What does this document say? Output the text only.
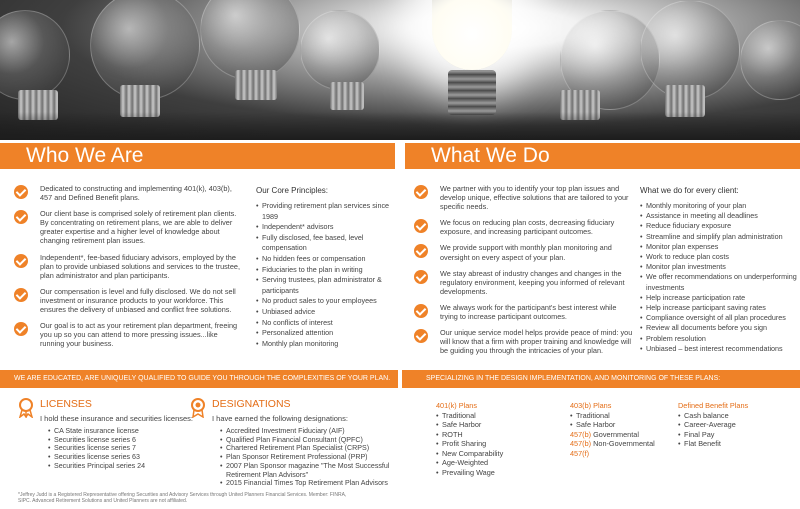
Who We Are	What We Do
Dedicated to constructing and implementing 401(k), 403(b), 457 and Defined Benefit plans.
Our client base is comprised solely of retirement plan clients. By concentrating on retirement plans, we are able to deliver greater expertise and a higher level of knowledge about changing retirement plan issues.
Independent*, fee-based fiduciary advisors, employed by the plan to provide unbiased solutions and services to the trustee, plan administrator and plan participants.
Our compensation is level and fully disclosed. We do not sell investment or insurance products to your workforce. This ensures the delivery of unbiased and conflict free solutions.
Our goal is to act as your retirement plan department, freeing you up so you can attend to more pressing issues...like running your business.
Our Core Principles:
• Providing retirement plan services since 1989
• Independent* advisors
• Fully disclosed, fee based, level compensation
• No hidden fees or compensation
• Fiduciaries to the plan in writing
• Serving trustees, plan administrator & participants
• No product sales to your employees
• Unbiased advice
• No conflicts of interest
• Personalized attention
• Monthly plan monitoring
We partner with you to identify your top plan issues and develop unique, effective solutions that are tailored to your specific needs.
We focus on reducing plan costs, decreasing fiduciary exposure, and increasing participant outcomes.
We provide support with monthly plan monitoring and oversight on every aspect of your plan.
We stay abreast of industry changes and changes in the regulatory environment, keeping you informed of relevant developments.
We always work for the participant's best interest while trying to increase participant outcomes.
Our unique service model helps provide peace of mind: you will know that a firm with proper training and knowledge will be guiding you through the intricacies of your plan.
What we do for every client:
• Monthly monitoring of your plan
• Assistance in meeting all deadlines
• Reduce fiduciary exposure
• Streamline and simplify plan administration
• Monitor plan expenses
• Work to reduce plan costs
• Monitor plan investments
• We offer recommendations on underperforming investments
• Help increase participation rate
• Help increase participant saving rates
• Compliance oversight of all plan procedures
• Review all documents before you sign
• Problem resolution
• Unbiased – best interest recommendations
WE ARE EDUCATED, ARE UNIQUELY QUALIFIED TO GUIDE YOU THROUGH THE COMPLEXITIES OF YOUR PLAN.	SPECIALIZING IN THE DESIGN IMPLEMENTATION, AND MONITORING OF THESE PLANS:
LICENSES
I hold these insurance and securities licenses:
• CA State insurance license
• Securities license series 6
• Securities license series 7
• Securities license series 63
• Securities Principal series 24
DESIGNATIONS
I have earned the following designations:
• Accredited Investment Fiduciary (AIF)
• Qualified Plan Financial Consultant (QPFC)
• Chartered Retirement Plan Specialist (CRPS)
• Plan Sponsor Retirement Professional (PRP)
• 2007 Plan Sponsor magazine "The Most Successful Retirement Plan Advisors"
• 2015 Financial Times Top Retirement Plan Advisors
401(k) Plans
• Traditional
• Safe Harbor
• ROTH
• Profit Sharing
• New Comparability
• Age-Weighted
• Prevailing Wage
403(b) Plans
• Traditional
• Safe Harbor
457(b) Governmental
457(b) Non-Governmental
457(f)
Defined Benefit Plans
• Cash balance
• Career-Average
• Final Pay
• Flat Benefit
*Jeffrey Judd is a Registered Representative offering Securities and Advisory Services through United Planners Financial Services. Member: FINRA, SIPC. Advanced Retirement Solutions and United Planners are not affiliated.
